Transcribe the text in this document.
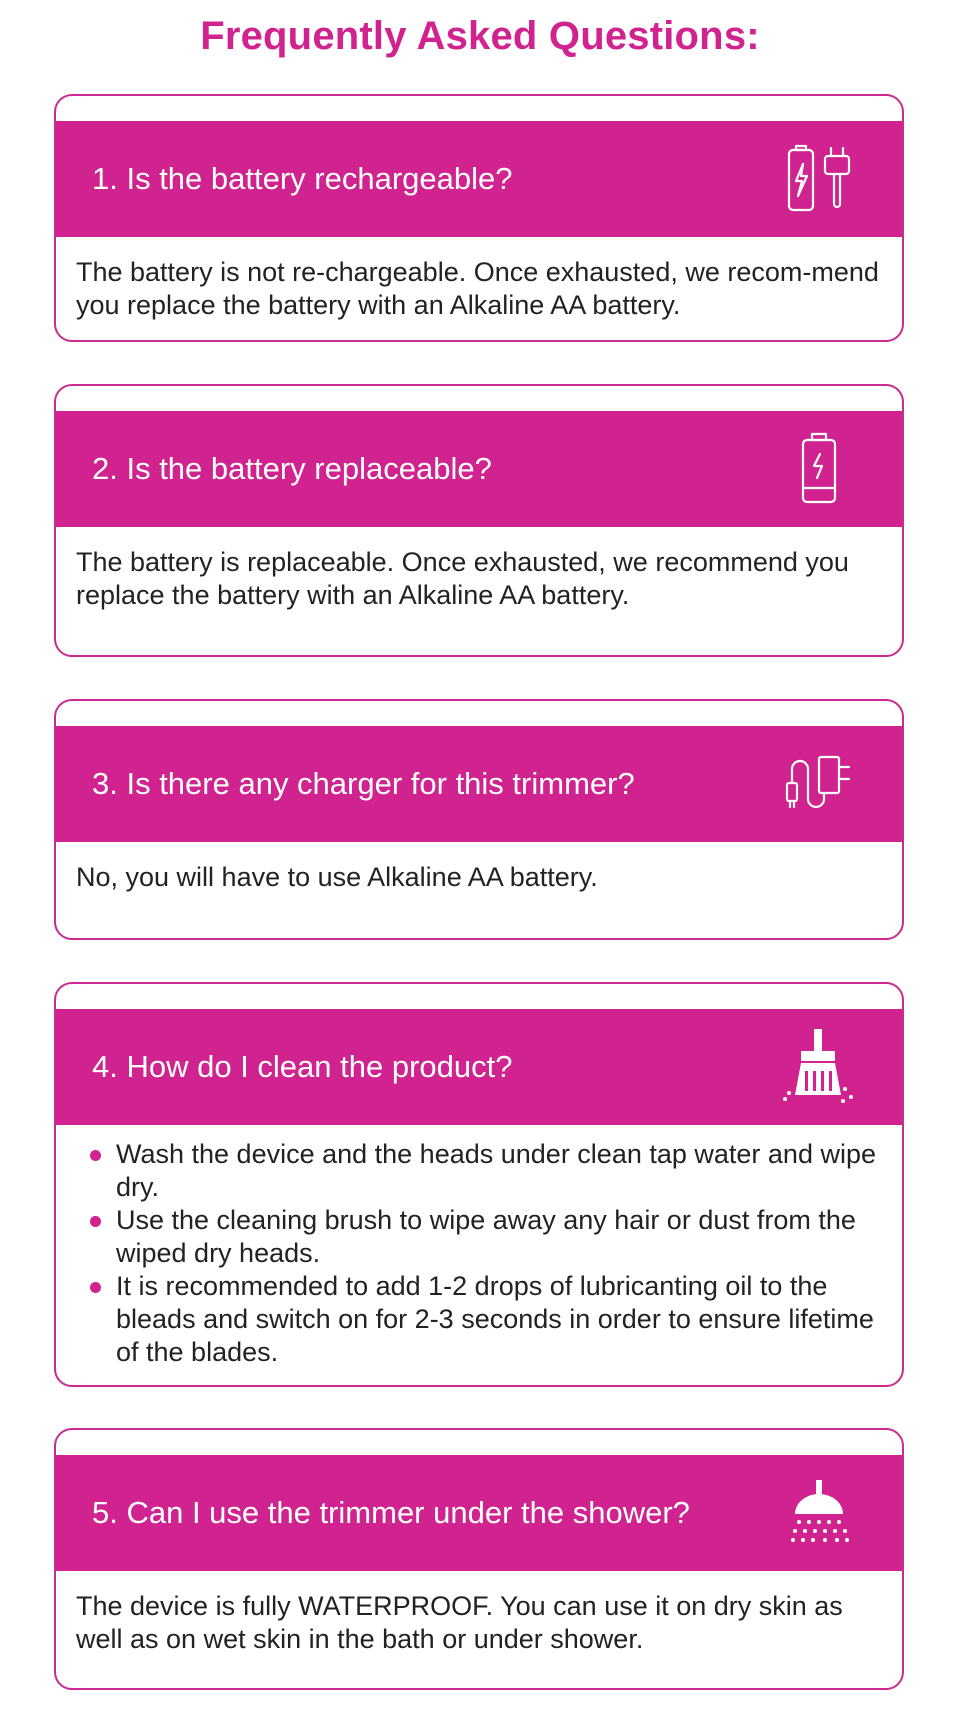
Frequently Asked Questions:
1. Is the battery rechargeable?
The battery is not re-chargeable. Once exhausted, we recom-mend you replace the battery with an Alkaline AA battery.
2. Is the battery replaceable?
The battery is replaceable. Once exhausted, we recommend you replace the battery with an Alkaline AA battery.
3. Is there any charger for this trimmer?
No, you will have to use Alkaline AA battery.
4. How do I clean the product?
Wash the device and the heads under clean tap water and wipe dry.
Use the cleaning brush to wipe away any hair or dust from the wiped dry heads.
It is recommended to add 1-2 drops of lubricanting oil to the bleads and switch on for 2-3 seconds in order to ensure lifetime of the blades.
5. Can I use the trimmer under the shower?
The device is fully WATERPROOF. You can use it on dry skin as well as on wet skin in the bath or under shower.
